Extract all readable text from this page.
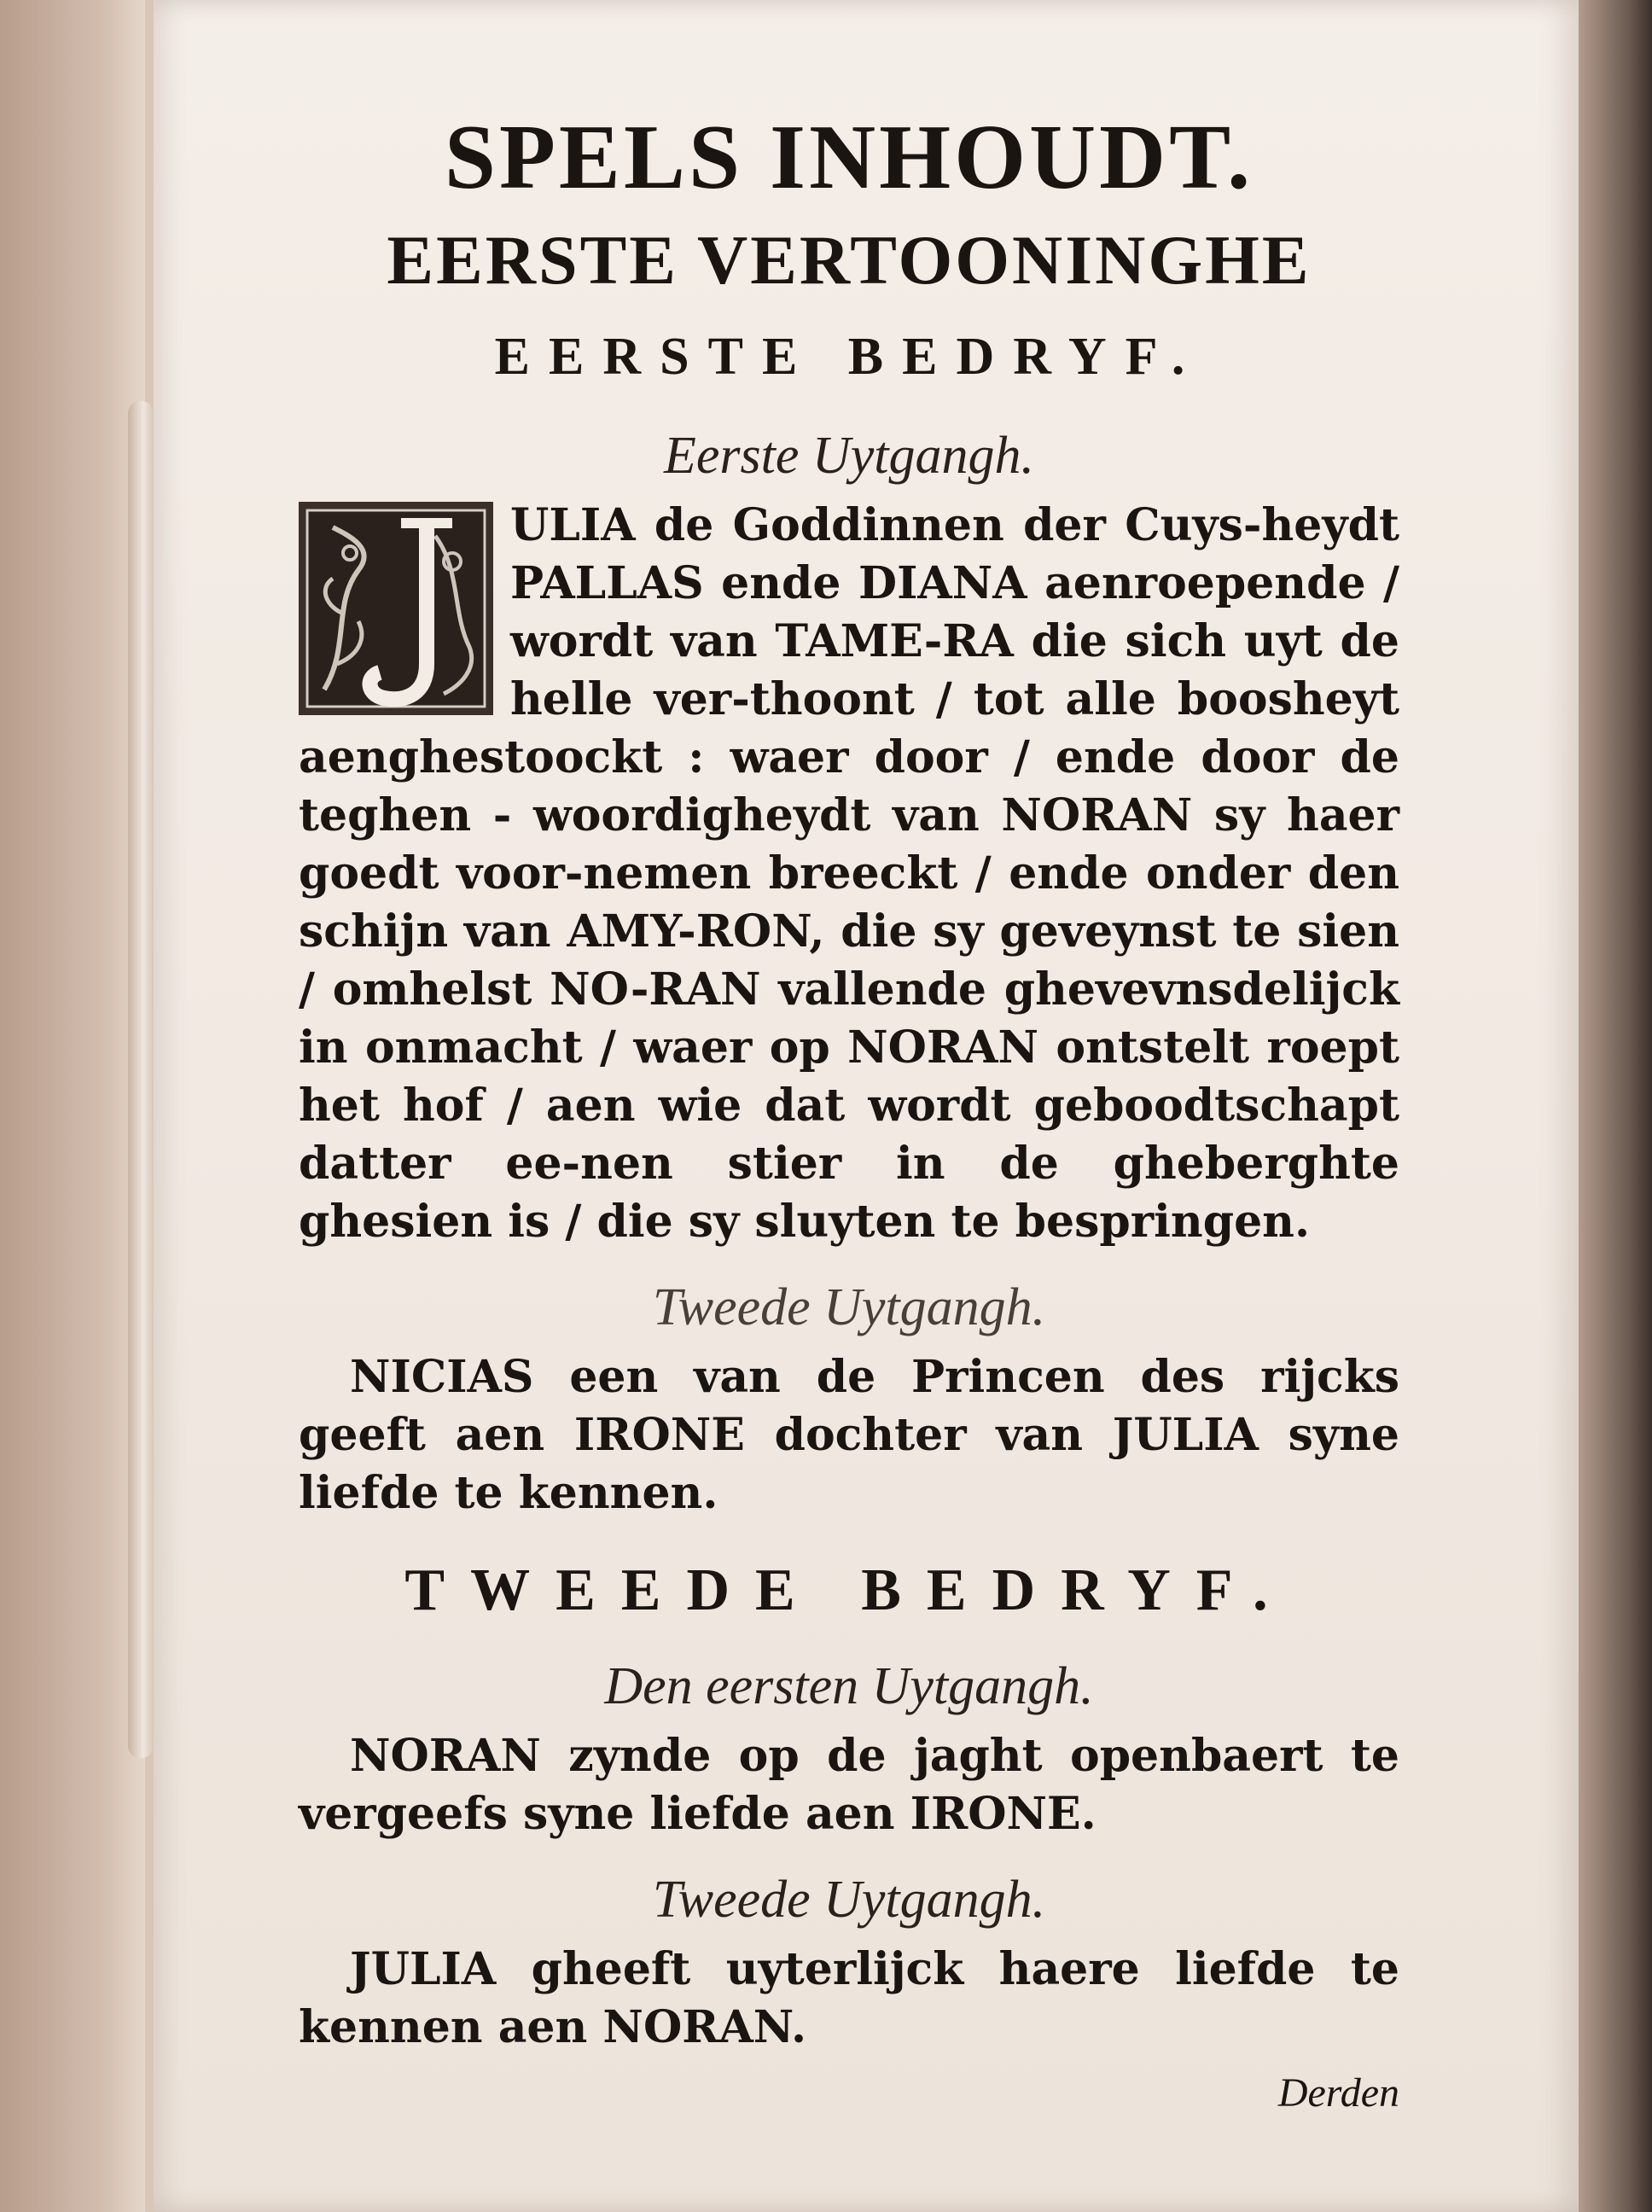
SPELS INHOUDT.
EERSTE VERTOONINGHE
EERSTE BEDRYF.
Eerste Uytgangh.

ULIA de Goddinnen der Cuys-heydt PALLAS ende DIANA aenroepende / wordt van TAME-RA die sich uyt de helle ver-thoont / tot alle boosheyt aenghestoockt : waer door / ende door de teghen - woordigheydt van NORAN sy haer goedt voor-nemen breeckt / ende onder den schijn van AMY-RON, die sy geveynst te sien / omhelst NO-RAN vallende ghevevnsdelijck in onmacht / waer op NORAN ontstelt roept het hof / aen wie dat wordt geboodtschapt datter ee-nen stier in de gheberghte ghesien is / die sy sluyten te bespringen.

Tweede Uytgangh.

NICIAS een van de Princen des rijcks geeft aen IRONE dochter van JULIA syne liefde te kennen.

TWEEDE BEDRYF.
Den eersten Uytgangh.

NORAN zynde op de jaght openbaert te vergeefs syne liefde aen IRONE.

Tweede Uytgangh.

JULIA gheeft uyterlijck haere liefde te kennen aen NORAN.

Derden
